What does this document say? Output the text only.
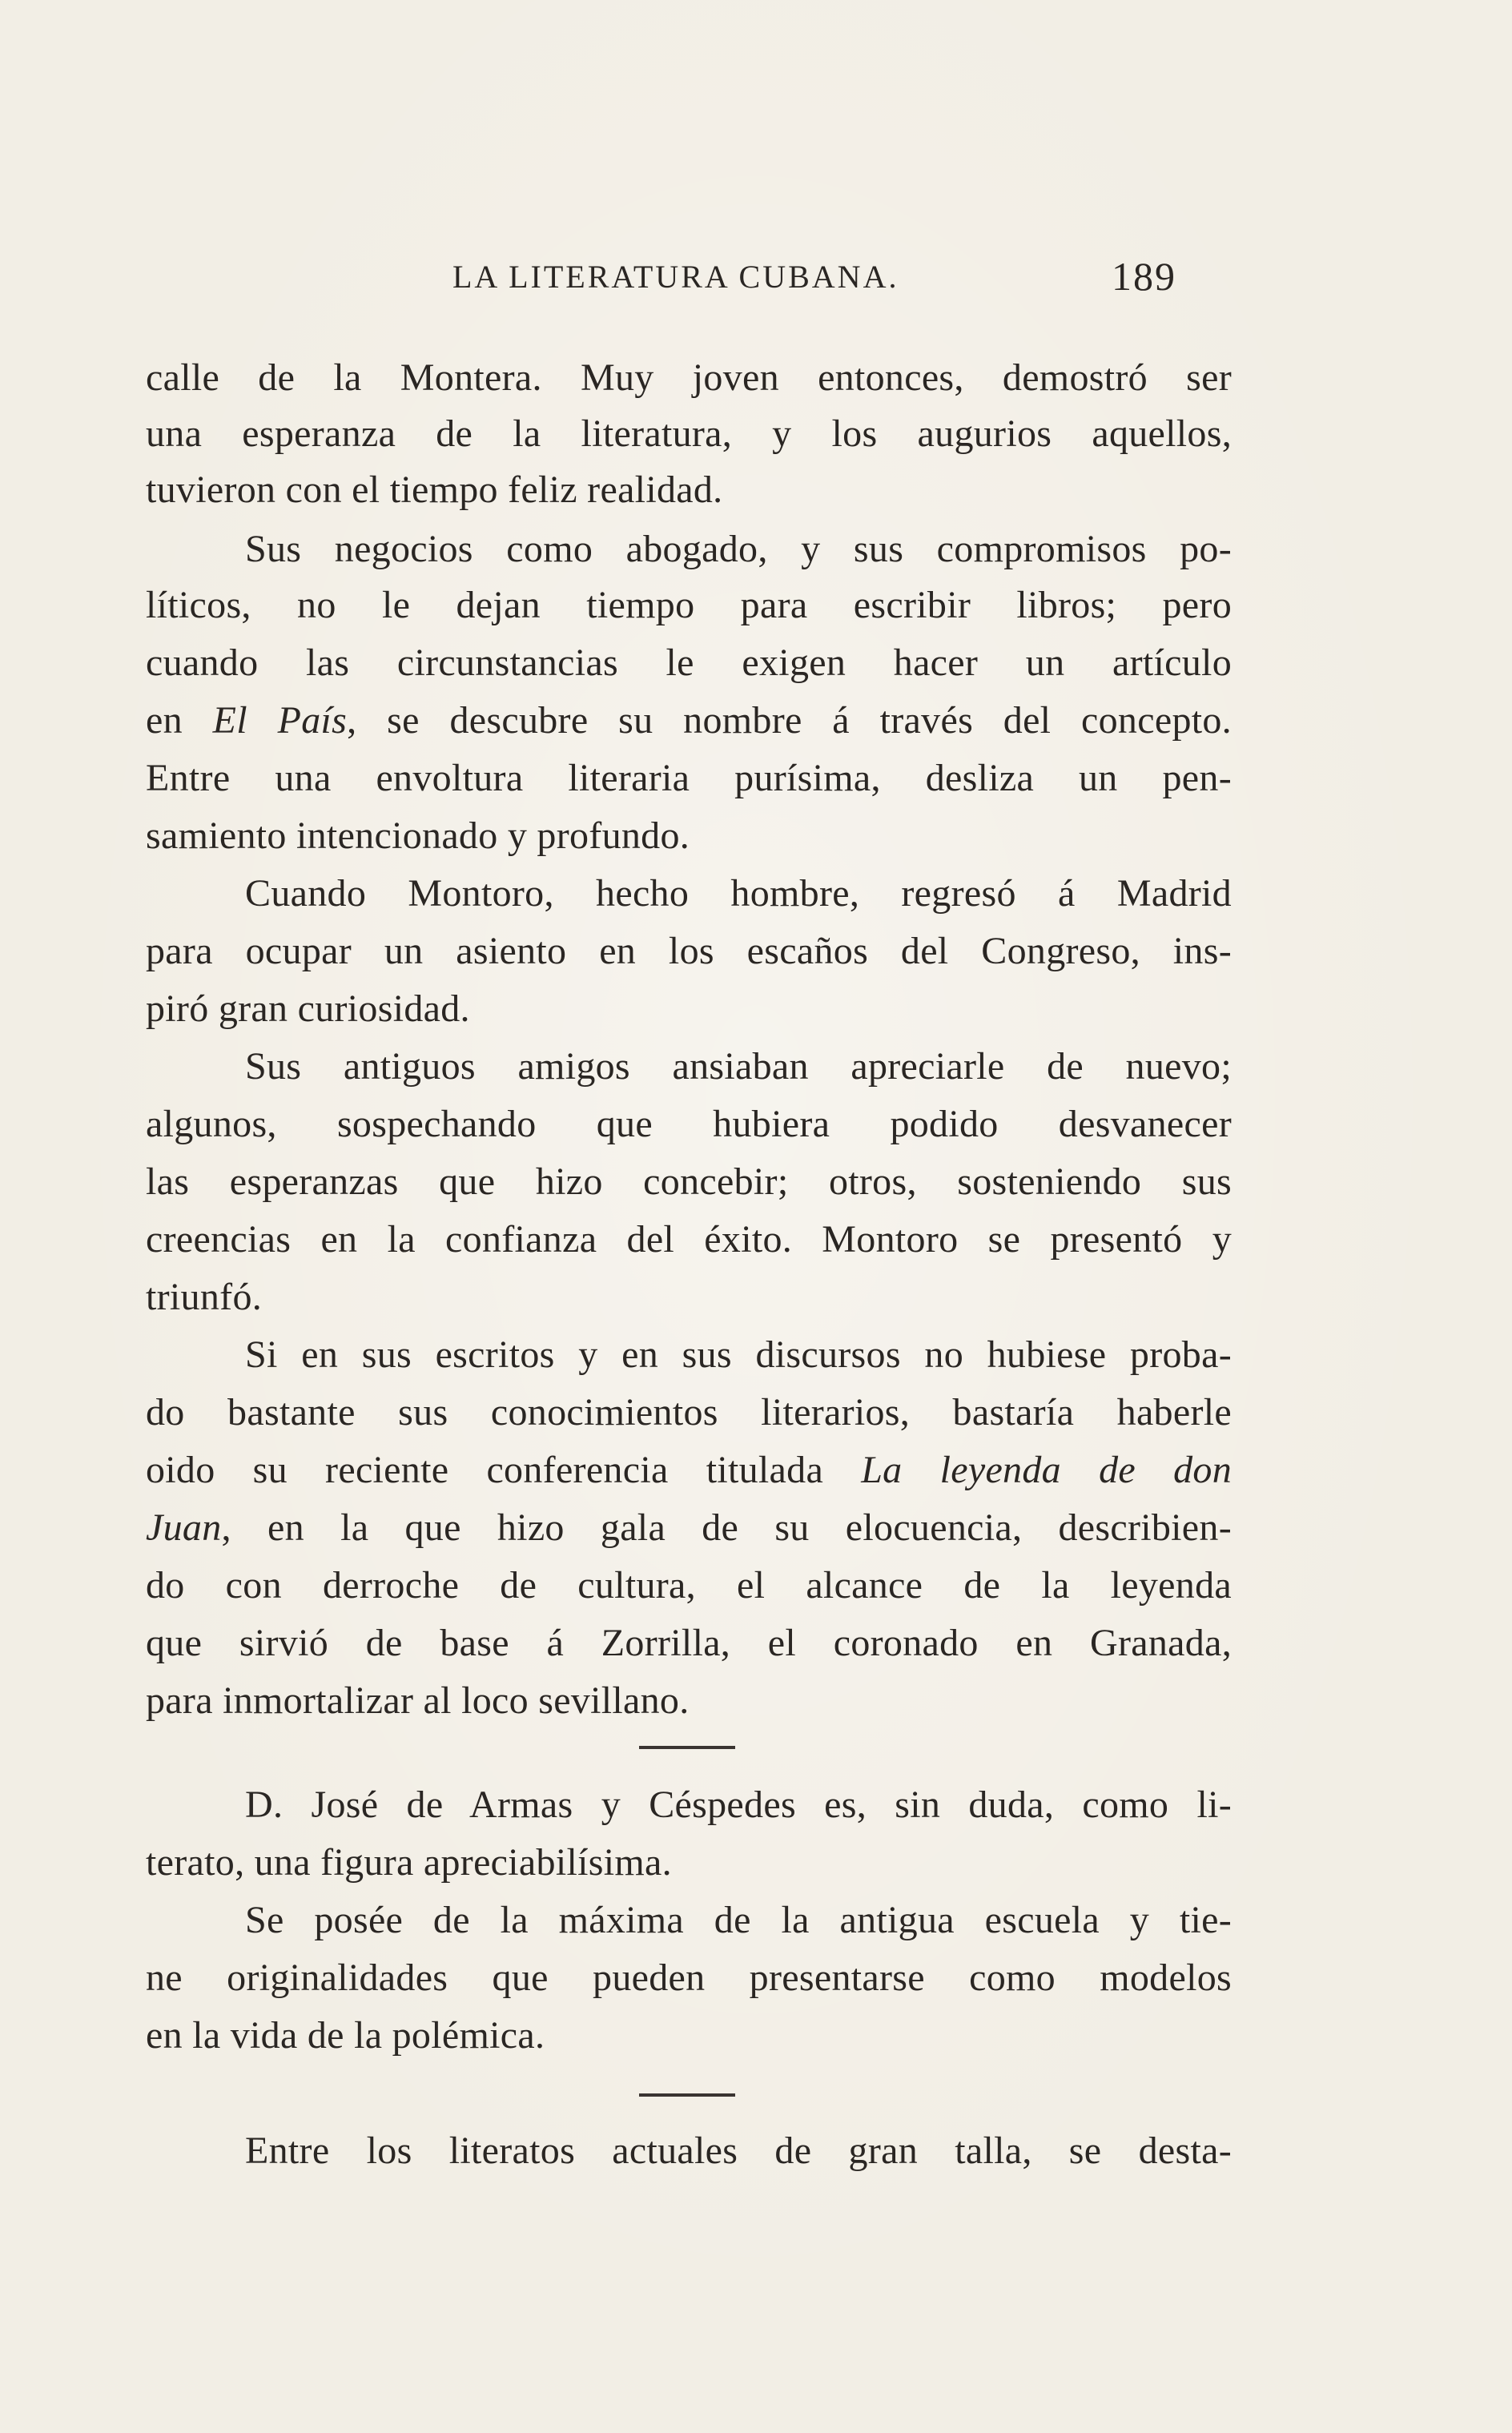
LA LITERATURA CUBANA.	189
calle de la Montera. Muy joven entonces, demostró ser
una esperanza de la literatura, y los augurios aquellos,
tuvieron con el tiempo feliz realidad.
Sus negocios como abogado, y sus compromisos po-
líticos, no le dejan tiempo para escribir libros; pero
cuando las circunstancias le exigen hacer un artículo
en El País, se descubre su nombre á través del concepto.
Entre una envoltura literaria purísima, desliza un pen-
samiento intencionado y profundo.
Cuando Montoro, hecho hombre, regresó á Madrid
para ocupar un asiento en los escaños del Congreso, ins-
piró gran curiosidad.
Sus antiguos amigos ansiaban apreciarle de nuevo;
algunos, sospechando que hubiera podido desvanecer
las esperanzas que hizo concebir; otros, sosteniendo sus
creencias en la confianza del éxito. Montoro se presentó y
triunfó.
Si en sus escritos y en sus discursos no hubiese proba-
do bastante sus conocimientos literarios, bastaría haberle
oido su reciente conferencia titulada La leyenda de don
Juan, en la que hizo gala de su elocuencia, describien-
do con derroche de cultura, el alcance de la leyenda
que sirvió de base á Zorrilla, el coronado en Granada,
para inmortalizar al loco sevillano.
D. José de Armas y Céspedes es, sin duda, como li-
terato, una figura apreciabilísima.
Se posée de la máxima de la antigua escuela y tie-
ne originalidades que pueden presentarse como modelos
en la vida de la polémica.
Entre los literatos actuales de gran talla, se desta-
